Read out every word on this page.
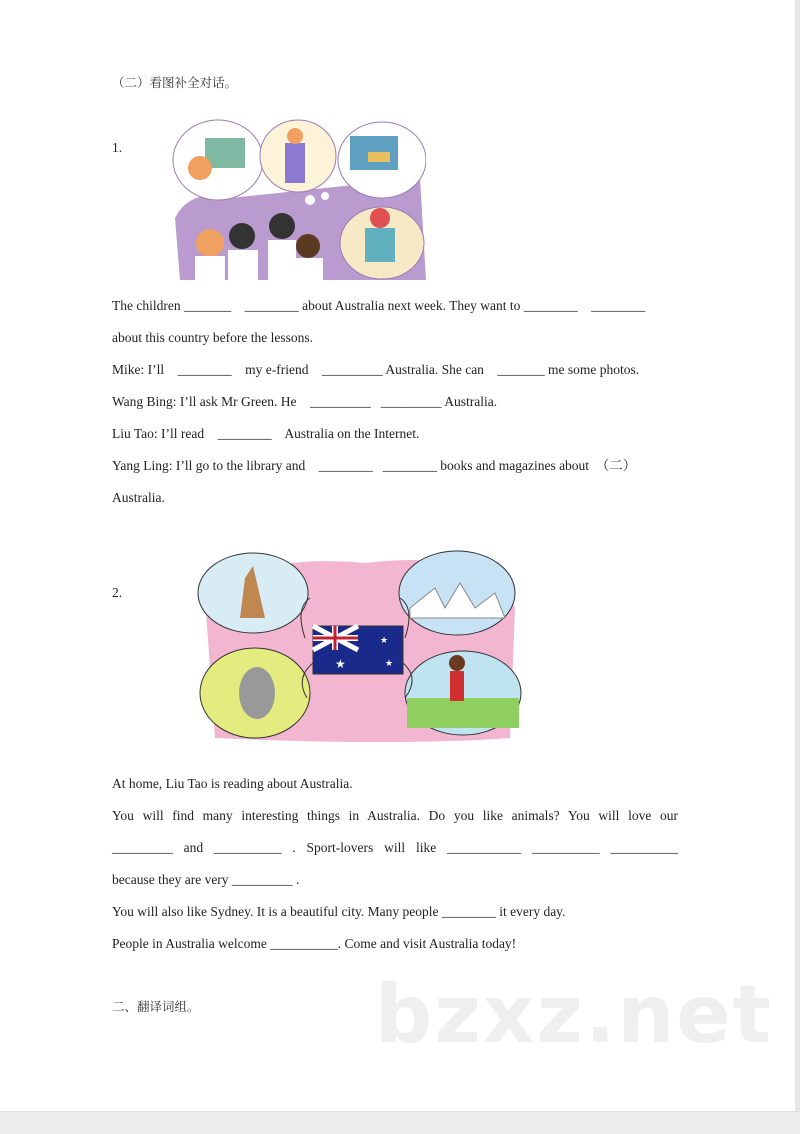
（二）看图补全对话。
1.
The children _______    ________ about Australia next week. They want to ________    ________
about this country before the lessons.
Mike: I’ll    ________    my e-friend    _________ Australia. She can    _______ me some photos.
Wang Bing: I’ll ask Mr Green. He    _________   _________ Australia.
Liu Tao: I’ll read    ________    Australia on the Internet.
Yang Ling: I’ll go to the library and    ________   ________ books and magazines about  （二）
Australia.
2.
★
★
★
At home, Liu Tao is reading about Australia.
You will find many interesting things in Australia. Do you like animals? You will love our
_________ and __________ . Sport-lovers will like ___________ __________ __________
because they are very _________ .
You will also like Sydney. It is a beautiful city. Many people ________ it every day.
People in Australia welcome __________. Come and visit Australia today!
bzxz.net
二、翻译词组。
